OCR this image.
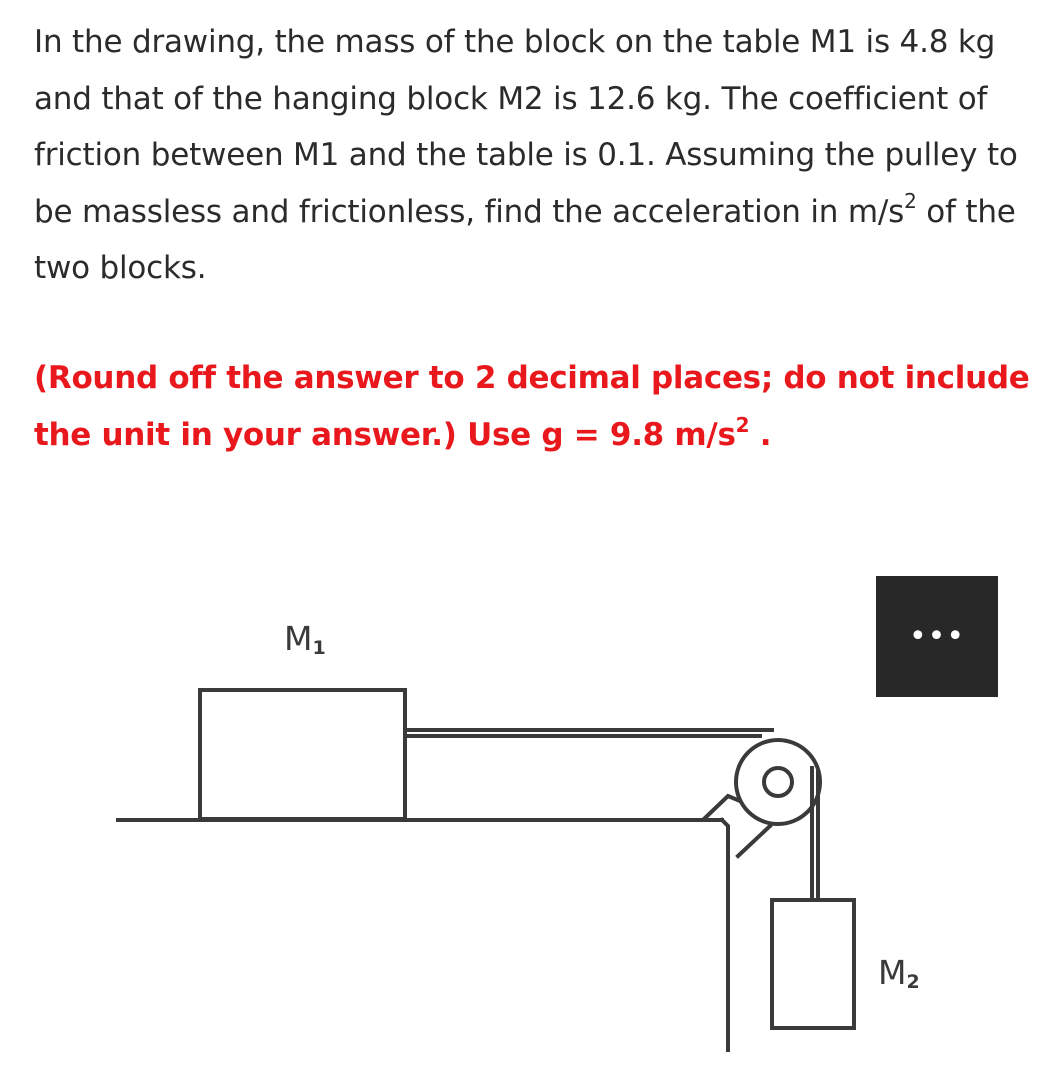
In the drawing, the mass of the block on the table M1 is 4.8 kg and that of the hanging block M2 is 12.6 kg. The coefficient of friction between M1 and the table is 0.1. Assuming the pulley to be massless and frictionless, find the acceleration in $m/s^2$ of the two blocks.
(Round off the answer to 2 decimal places; do not include the unit in your answer.) Use g = 9.8 $m/s^2$ .
M1
M2
•••
